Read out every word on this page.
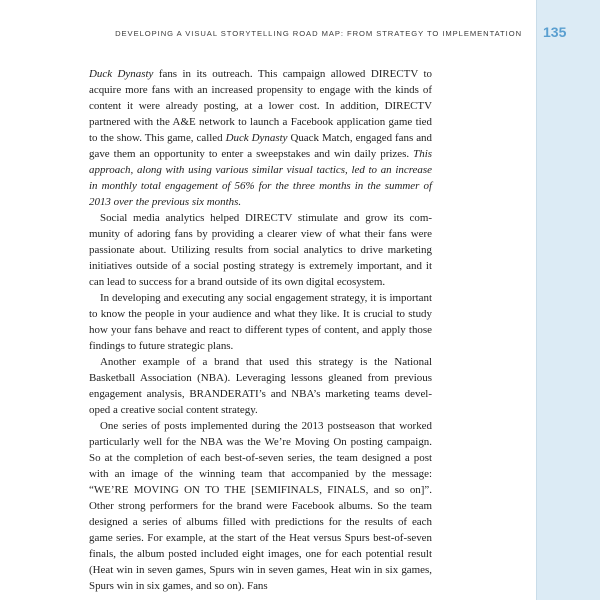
DEVELOPING A VISUAL STORYTELLING ROAD MAP: FROM STRATEGY TO IMPLEMENTATION 135

Duck Dynasty fans in its outreach. This campaign allowed DIRECTV to acquire more fans with an increased propensity to engage with the kinds of content it were already posting, at a lower cost. In addition, DIRECTV partnered with the A&E network to launch a Facebook application game tied to the show. This game, called Duck Dynasty Quack Match, engaged fans and gave them an opportunity to enter a sweepstakes and win daily prizes. This approach, along with using various similar visual tactics, led to an increase in monthly total engagement of 56% for the three months in the summer of 2013 over the previous six months.

Social media analytics helped DIRECTV stimulate and grow its community of adoring fans by providing a clearer view of what their fans were passionate about. Utilizing results from social analytics to drive marketing initiatives outside of a social posting strategy is extremely important, and it can lead to success for a brand outside of its own digital ecosystem.

In developing and executing any social engagement strategy, it is important to know the people in your audience and what they like. It is crucial to study how your fans behave and react to different types of content, and apply those findings to future strategic plans.

Another example of a brand that used this strategy is the National Basketball Association (NBA). Leveraging lessons gleaned from previous engagement analysis, BRANDERATI’s and NBA’s marketing teams developed a creative social content strategy.

One series of posts implemented during the 2013 postseason that worked particularly well for the NBA was the We’re Moving On posting campaign. So at the completion of each best-of-seven series, the team designed a post with an image of the winning team that accompanied by the message: “WE’RE MOVING ON TO THE [SEMIFINALS, FINALS, and so on]”. Other strong performers for the brand were Facebook albums. So the team designed a series of albums filled with predictions for the results of each game series. For example, at the start of the Heat versus Spurs best-of-seven finals, the album posted included eight images, one for each potential result (Heat win in seven games, Spurs win in seven games, Heat win in six games, Spurs win in six games, and so on). Fans
